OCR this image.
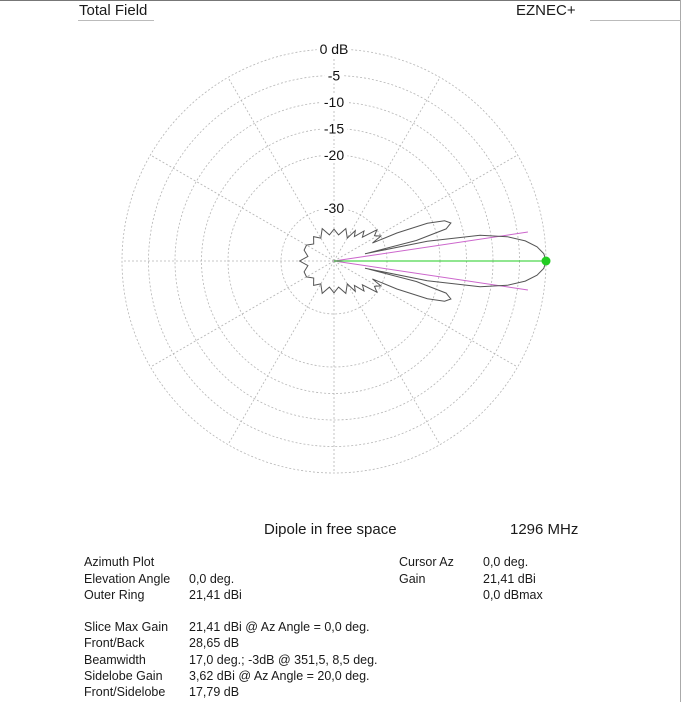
Total Field	EZNEC+
0 dB
-5
-10
-15
-20
-30
Dipole in free space	1296 MHz
Azimuth Plot
Elevation Angle 0,0 deg.
Outer Ring	21,41 dBi
Cursor Az 0,0 deg.
Gain	21,41 dBi
0,0 dBmax
Slice Max Gain 21,41 dBi @ Az Angle = 0,0 deg.
Front/Back	28,65 dB
Beamwidth	17,0 deg.; -3dB @ 351,5, 8,5 deg.
Sidelobe Gain 3,62 dBi @ Az Angle = 20,0 deg.
Front/Sidelobe 17,79 dB
